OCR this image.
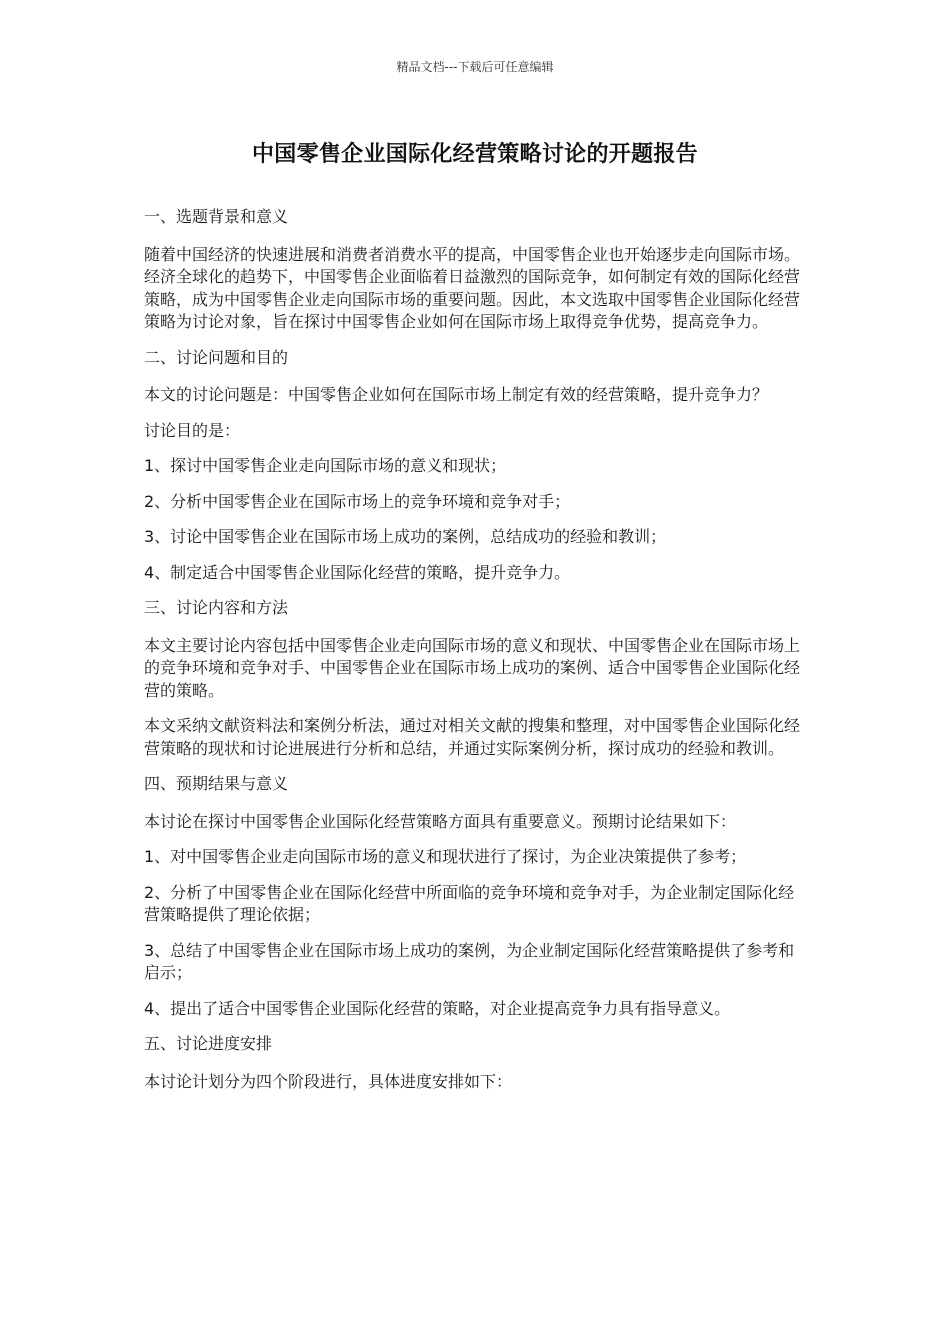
精品文档---下载后可任意编辑
中国零售企业国际化经营策略讨论的开题报告

一、选题背景和意义

随着中国经济的快速进展和消费者消费水平的提高，中国零售企业也开始逐步走向国际市场。经济全球化的趋势下，中国零售企业面临着日益激烈的国际竞争，如何制定有效的国际化经营策略，成为中国零售企业走向国际市场的重要问题。因此，本文选取中国零售企业国际化经营策略为讨论对象，旨在探讨中国零售企业如何在国际市场上取得竞争优势，提高竞争力。

二、讨论问题和目的

本文的讨论问题是：中国零售企业如何在国际市场上制定有效的经营策略，提升竞争力？

讨论目的是：

1、探讨中国零售企业走向国际市场的意义和现状；

2、分析中国零售企业在国际市场上的竞争环境和竞争对手；

3、讨论中国零售企业在国际市场上成功的案例，总结成功的经验和教训；

4、制定适合中国零售企业国际化经营的策略，提升竞争力。

三、讨论内容和方法

本文主要讨论内容包括中国零售企业走向国际市场的意义和现状、中国零售企业在国际市场上的竞争环境和竞争对手、中国零售企业在国际市场上成功的案例、适合中国零售企业国际化经营的策略。

本文采纳文献资料法和案例分析法，通过对相关文献的搜集和整理，对中国零售企业国际化经营策略的现状和讨论进展进行分析和总结，并通过实际案例分析，探讨成功的经验和教训。

四、预期结果与意义

本讨论在探讨中国零售企业国际化经营策略方面具有重要意义。预期讨论结果如下：

1、对中国零售企业走向国际市场的意义和现状进行了探讨，为企业决策提供了参考；

2、分析了中国零售企业在国际化经营中所面临的竞争环境和竞争对手，为企业制定国际化经营策略提供了理论依据；

3、总结了中国零售企业在国际市场上成功的案例，为企业制定国际化经营策略提供了参考和启示；

4、提出了适合中国零售企业国际化经营的策略，对企业提高竞争力具有指导意义。

五、讨论进度安排

本讨论计划分为四个阶段进行，具体进度安排如下：
